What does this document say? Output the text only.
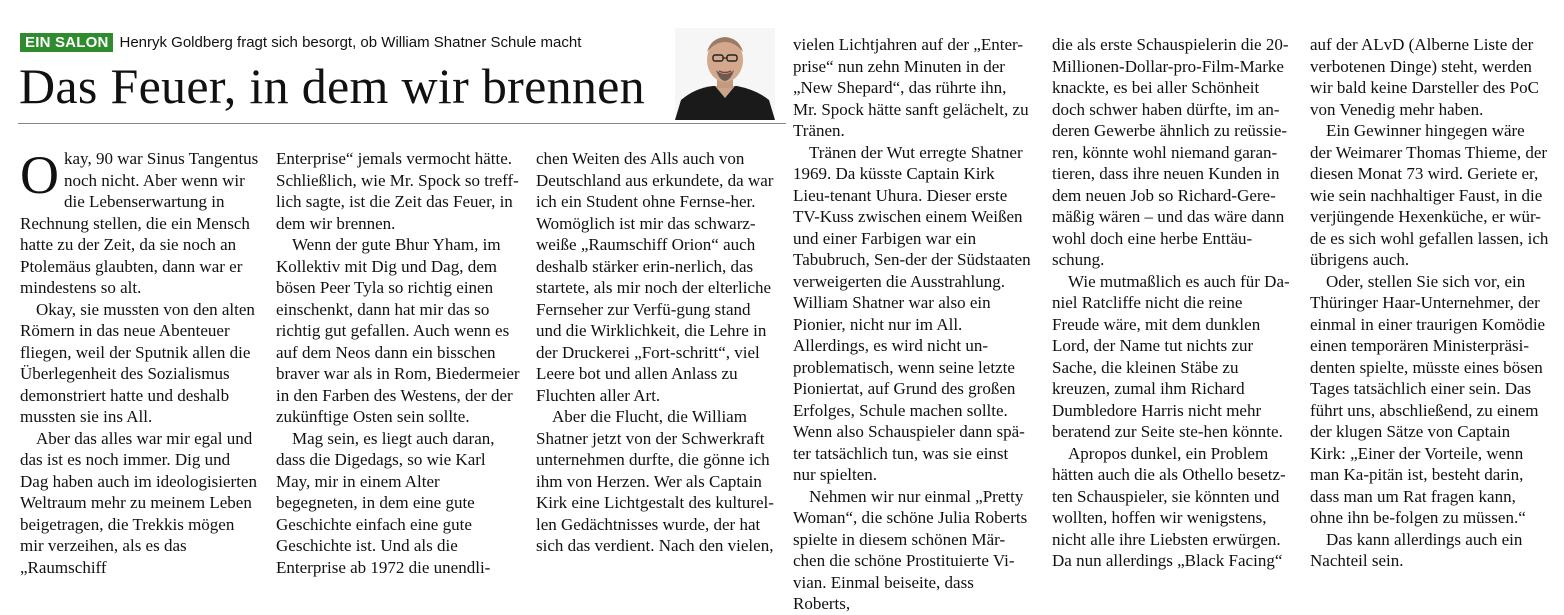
EIN SALON Henryk Goldberg fragt sich besorgt, ob William Shatner Schule macht
Das Feuer, in dem wir brennen

Okay, 90 war Sinus Tangentus noch nicht. Aber wenn wir die Lebenserwartung in Rechnung stellen, die ein Mensch hatte zu der Zeit, da sie noch an Ptolemäus glaubten, dann war er mindestens so alt.

Okay, sie mussten von den alten Römern in das neue Abenteuer fliegen, weil der Sputnik allen die Überlegenheit des Sozialismus demonstriert hatte und deshalb mussten sie ins All.

Aber das alles war mir egal und das ist es noch immer. Dig und Dag haben auch im ideologisierten Weltraum mehr zu meinem Leben beigetragen, die Trekkis mögen mir verzeihen, als es das „Raumschiff

Enterprise“ jemals vermocht hätte. Schließlich, wie Mr. Spock so treff-lich sagte, ist die Zeit das Feuer, in dem wir brennen.

Wenn der gute Bhur Yham, im Kollektiv mit Dig und Dag, dem bösen Peer Tyla so richtig einen einschenkt, dann hat mir das so richtig gut gefallen. Auch wenn es auf dem Neos dann ein bisschen braver war als in Rom, Biedermeier in den Farben des Westens, der der zukünftige Osten sein sollte.

Mag sein, es liegt auch daran, dass die Digedags, so wie Karl May, mir in einem Alter begegneten, in dem eine gute Geschichte einfach eine gute Geschichte ist. Und als die Enterprise ab 1972 die unendli-

chen Weiten des Alls auch von Deutschland aus erkundete, da war ich ein Student ohne Fernse-her. Womöglich ist mir das schwarz-weiße „Raumschiff Orion“ auch deshalb stärker erin-nerlich, das startete, als mir noch der elterliche Fernseher zur Verfü-gung stand und die Wirklichkeit, die Lehre in der Druckerei „Fort-schritt“, viel Leere bot und allen Anlass zu Fluchten aller Art.

Aber die Flucht, die William Shatner jetzt von der Schwerkraft unternehmen durfte, die gönne ich ihm von Herzen. Wer als Captain Kirk eine Lichtgestalt des kulturel-len Gedächtnisses wurde, der hat sich das verdient. Nach den vielen,

vielen Lichtjahren auf der „Enter-prise“ nun zehn Minuten in der „New Shepard“, das rührte ihn, Mr. Spock hätte sanft gelächelt, zu Tränen.

Tränen der Wut erregte Shatner 1969. Da küsste Captain Kirk Lieu-tenant Uhura. Dieser erste TV-Kuss zwischen einem Weißen und einer Farbigen war ein Tabubruch, Sen-der der Südstaaten verweigerten die Ausstrahlung. William Shatner war also ein Pionier, nicht nur im All. Allerdings, es wird nicht un-problematisch, wenn seine letzte Pioniertat, auf Grund des großen Erfolges, Schule machen sollte. Wenn also Schauspieler dann spä-ter tatsächlich tun, was sie einst nur spielten.

Nehmen wir nur einmal „Pretty Woman“, die schöne Julia Roberts spielte in diesem schönen Mär-chen die schöne Prostituierte Vi-vian. Einmal beiseite, dass Roberts,

die als erste Schauspielerin die 20-Millionen-Dollar-pro-Film-Marke knackte, es bei aller Schönheit doch schwer haben dürfte, im an-deren Gewerbe ähnlich zu reüssie-ren, könnte wohl niemand garan-tieren, dass ihre neuen Kunden in dem neuen Job so Richard-Gere-mäßig wären – und das wäre dann wohl doch eine herbe Enttäu-schung.

Wie mutmaßlich es auch für Da-niel Ratcliffe nicht die reine Freude wäre, mit dem dunklen Lord, der Name tut nichts zur Sache, die kleinen Stäbe zu kreuzen, zumal ihm Richard Dumbledore Harris nicht mehr beratend zur Seite ste-hen könnte.

Apropos dunkel, ein Problem hätten auch die als Othello besetz-ten Schauspieler, sie könnten und wollten, hoffen wir wenigstens, nicht alle ihre Liebsten erwürgen. Da nun allerdings „Black Facing“

auf der ALvD (Alberne Liste der verbotenen Dinge) steht, werden wir bald keine Darsteller des PoC von Venedig mehr haben.

Ein Gewinner hingegen wäre der Weimarer Thomas Thieme, der diesen Monat 73 wird. Geriete er, wie sein nachhaltiger Faust, in die verjüngende Hexenküche, er wür-de es sich wohl gefallen lassen, ich übrigens auch.

Oder, stellen Sie sich vor, ein Thüringer Haar-Unternehmer, der einmal in einer traurigen Komödie einen temporären Ministerpräsi-denten spielte, müsste eines bösen Tages tatsächlich einer sein. Das führt uns, abschließend, zu einem der klugen Sätze von Captain Kirk: „Einer der Vorteile, wenn man Ka-pitän ist, besteht darin, dass man um Rat fragen kann, ohne ihn be-folgen zu müssen.“

Das kann allerdings auch ein Nachteil sein.
